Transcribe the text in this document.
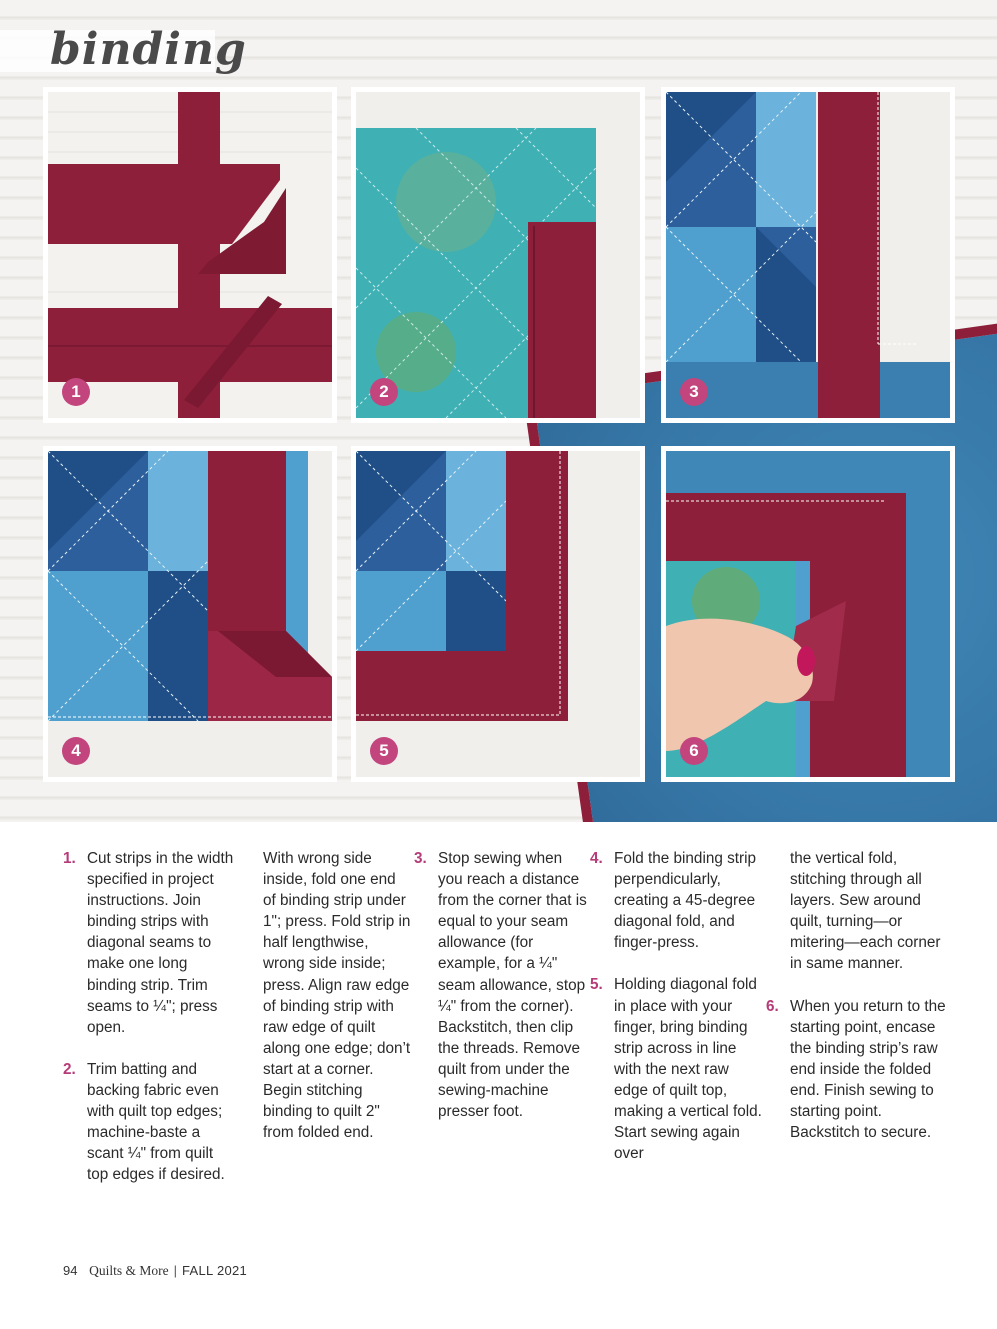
binding
1	2	3
4	5	6
1. Cut strips in the width specified in project instructions. Join binding strips with diagonal seams to make one long binding strip. Trim seams to ¼"; press open.

2. Trim batting and backing fabric even with quilt top edges; machine-baste a scant ¼" from quilt top edges if desired.

With wrong side inside, fold one end of binding strip under 1"; press. Fold strip in half lengthwise, wrong side inside; press. Align raw edge of binding strip with raw edge of quilt along one edge; don’t start at a corner. Begin stitching binding to quilt 2" from folded end.

3. Stop sewing when you reach a distance from the corner that is equal to your seam allowance (for example, for a ¼" seam allowance, stop ¼" from the corner). Backstitch, then clip the threads. Remove quilt from under the sewing-machine presser foot.

4. Fold the binding strip perpendicularly, creating a 45-degree diagonal fold, and finger-press.

5. Holding diagonal fold in place with your finger, bring binding strip across in line with the next raw edge of quilt top, making a vertical fold. Start sewing again over

the vertical fold, stitching through all layers. Sew around quilt, turning—or mitering—each corner in same manner.

6. When you return to the starting point, encase the binding strip’s raw end inside the folded end. Finish sewing to starting point. Backstitch to secure.

94 Quilts & More | FALL 2021
